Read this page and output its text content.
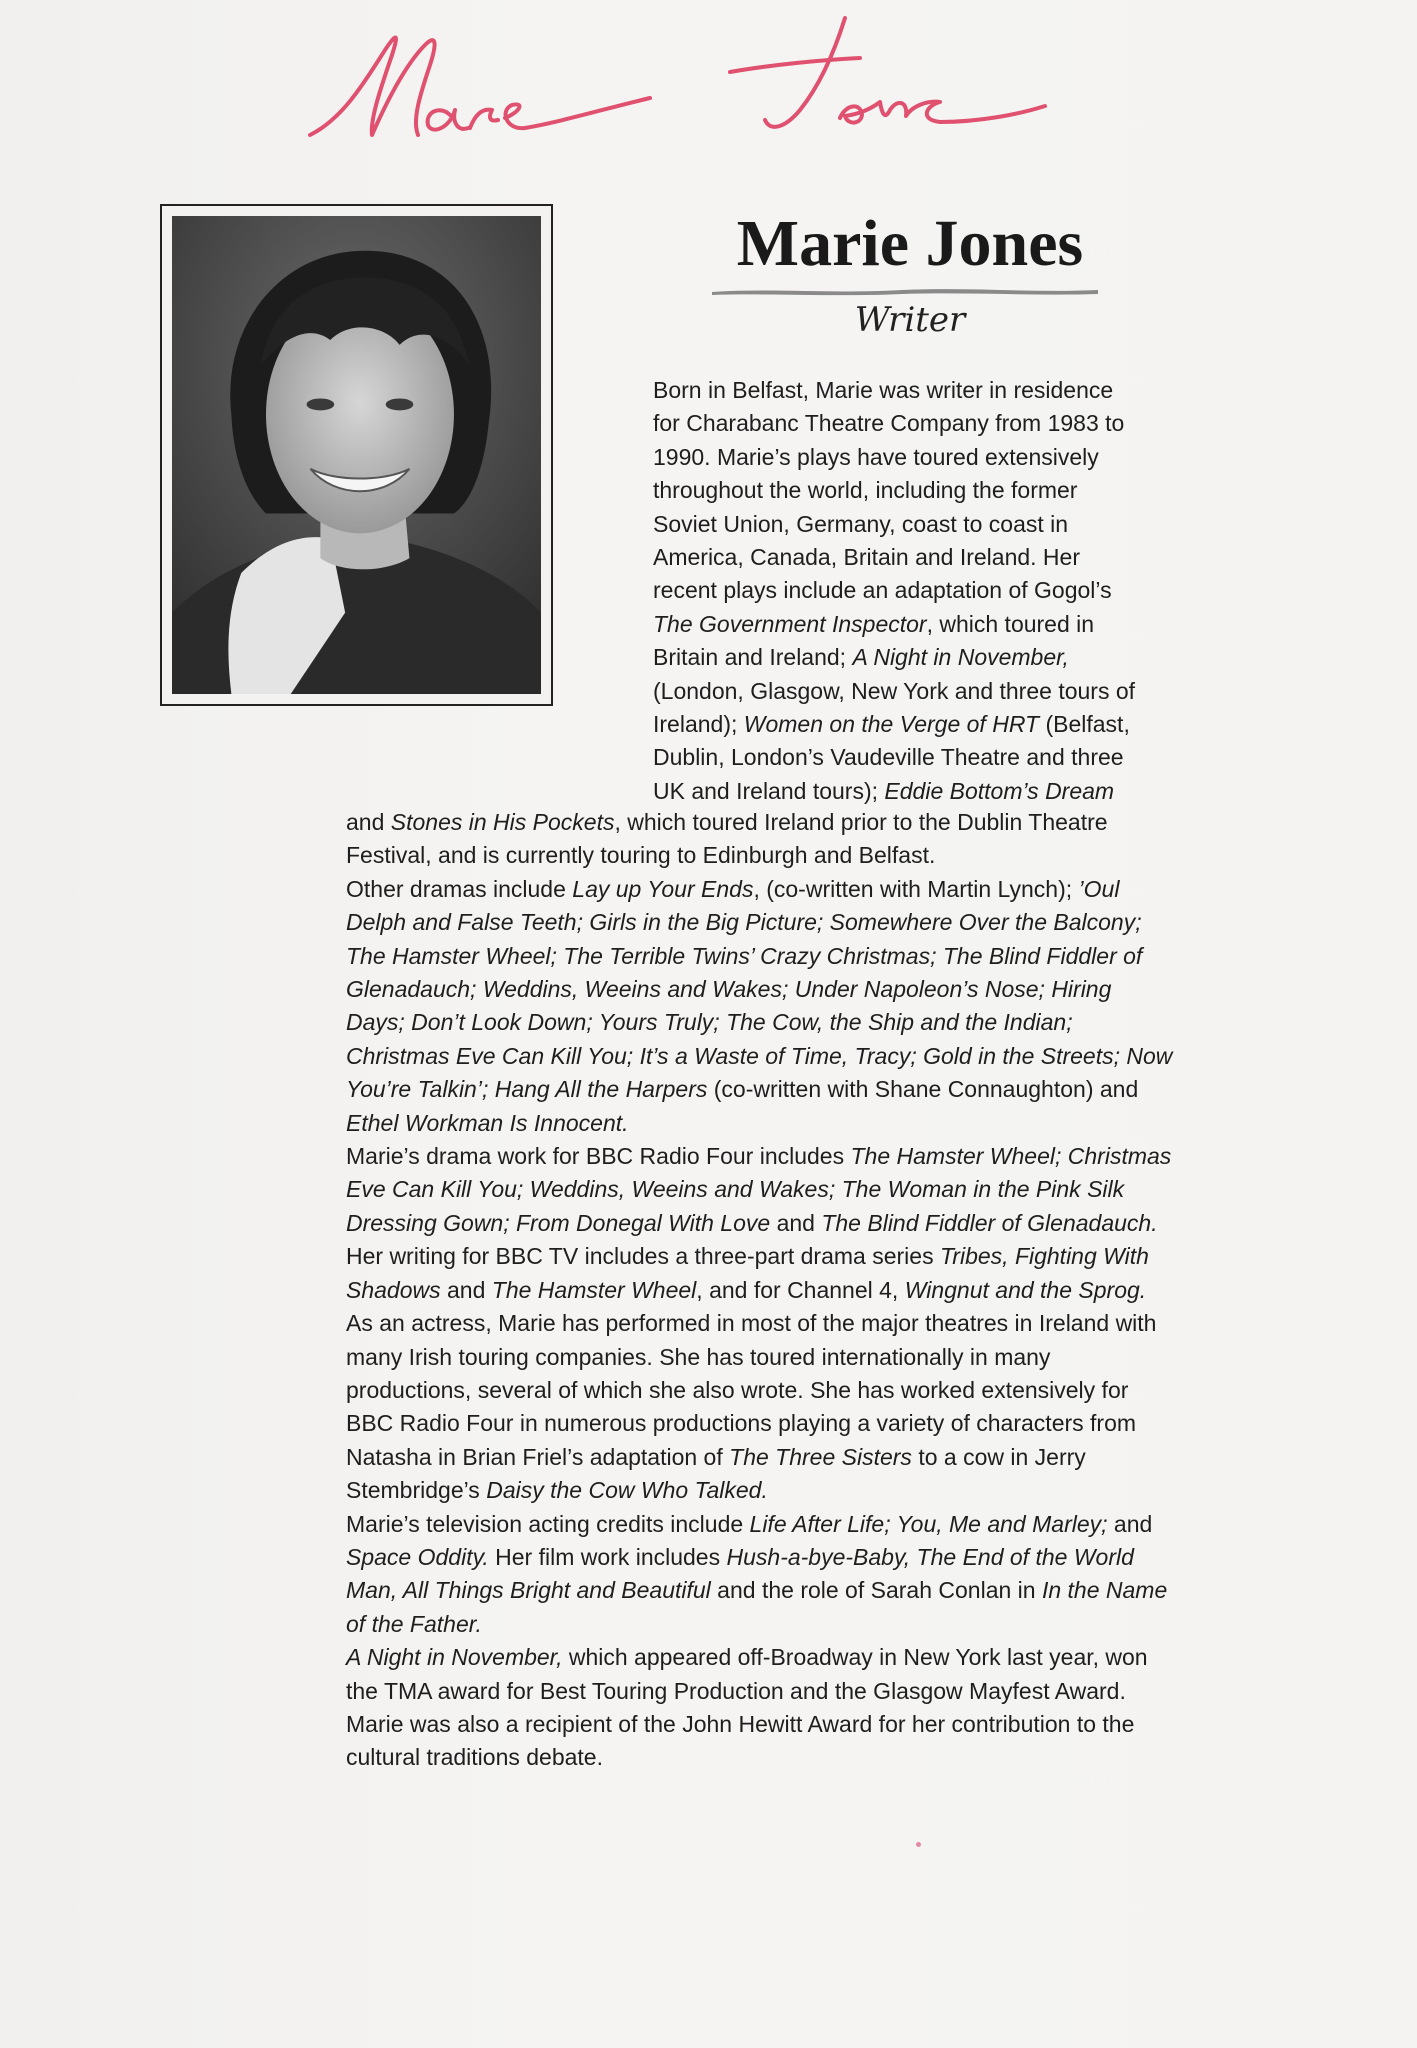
Marie Jones
Writer

Born in Belfast, Marie was writer in residence
for Charabanc Theatre Company from 1983 to
1990. Marie’s plays have toured extensively
throughout the world, including the former
Soviet Union, Germany, coast to coast in
America, Canada, Britain and Ireland. Her
recent plays include an adaptation of Gogol’s
The Government Inspector, which toured in
Britain and Ireland; A Night in November,
(London, Glasgow, New York and three tours of
Ireland); Women on the Verge of HRT (Belfast,
Dublin, London’s Vaudeville Theatre and three
UK and Ireland tours); Eddie Bottom’s Dream

and Stones in His Pockets, which toured Ireland prior to the Dublin Theatre Festival, and is currently touring to Edinburgh and Belfast.

Other dramas include Lay up Your Ends, (co-written with Martin Lynch); ’Oul Delph and False Teeth; Girls in the Big Picture; Somewhere Over the Balcony; The Hamster Wheel; The Terrible Twins’ Crazy Christmas; The Blind Fiddler of Glenadauch; Weddins, Weeins and Wakes; Under Napoleon’s Nose; Hiring Days; Don’t Look Down; Yours Truly; The Cow, the Ship and the Indian; Christmas Eve Can Kill You; It’s a Waste of Time, Tracy; Gold in the Streets; Now You’re Talkin’; Hang All the Harpers (co-written with Shane Connaughton) and Ethel Workman Is Innocent.

Marie’s drama work for BBC Radio Four includes The Hamster Wheel; Christmas Eve Can Kill You; Weddins, Weeins and Wakes; The Woman in the Pink Silk Dressing Gown; From Donegal With Love and The Blind Fiddler of Glenadauch.

Her writing for BBC TV includes a three-part drama series Tribes, Fighting With Shadows and The Hamster Wheel, and for Channel 4, Wingnut and the Sprog.

As an actress, Marie has performed in most of the major theatres in Ireland with many Irish touring companies. She has toured internationally in many productions, several of which she also wrote. She has worked extensively for BBC Radio Four in numerous productions playing a variety of characters from Natasha in Brian Friel’s adaptation of The Three Sisters to a cow in Jerry Stembridge’s Daisy the Cow Who Talked.

Marie’s television acting credits include Life After Life; You, Me and Marley; and Space Oddity. Her film work includes Hush-a-bye-Baby, The End of the World Man, All Things Bright and Beautiful and the role of Sarah Conlan in In the Name of the Father.

A Night in November, which appeared off-Broadway in New York last year, won the TMA award for Best Touring Production and the Glasgow Mayfest Award. Marie was also a recipient of the John Hewitt Award for her contribution to the cultural traditions debate.
